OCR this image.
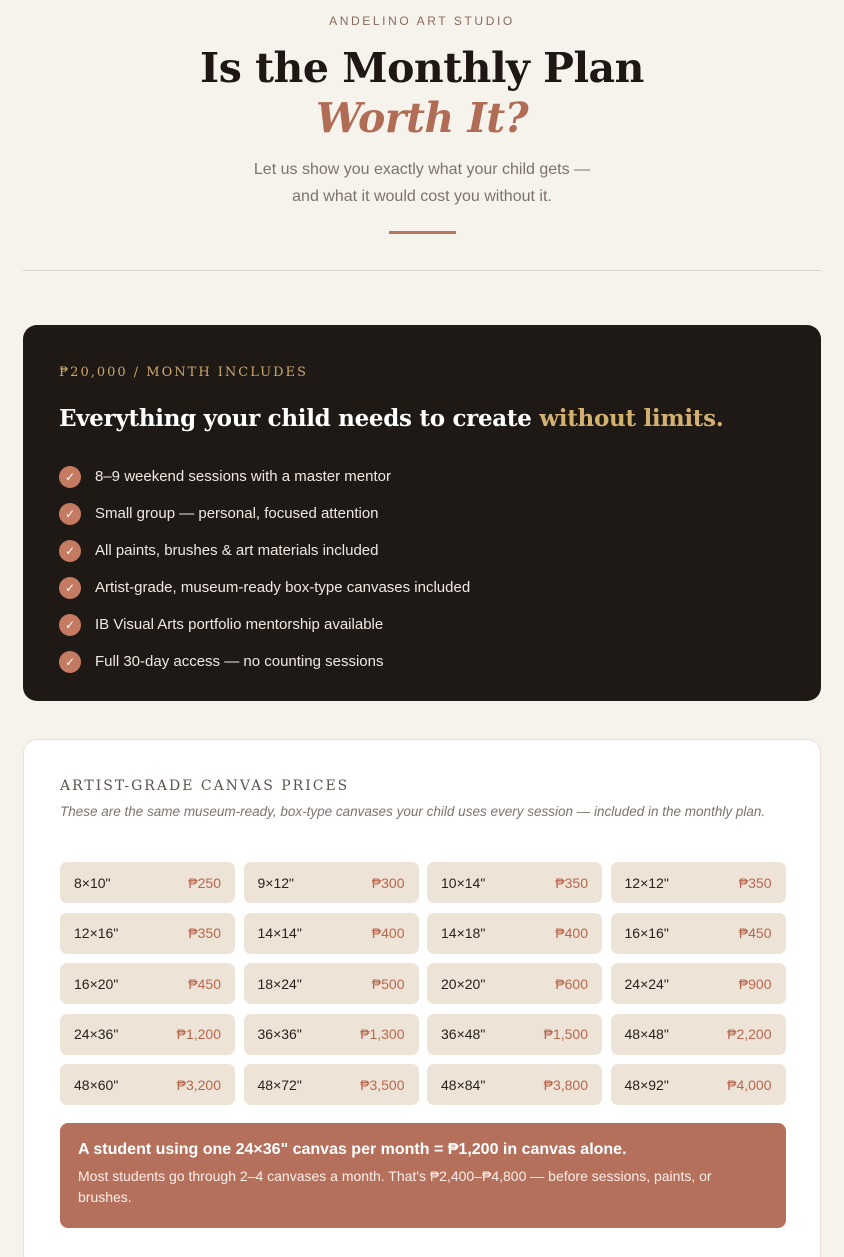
ANDELINO ART STUDIO
Is the Monthly Plan
Worth It?

Let us show you exactly what your child gets —
and what it would cost you without it.

₱20,000 / MONTH INCLUDES
Everything your child needs to create without limits.
✓	8–9 weekend sessions with a master mentor
✓	Small group — personal, focused attention
✓	All paints, brushes & art materials included
✓	Artist-grade, museum-ready box-type canvases included
✓	IB Visual Arts portfolio mentorship available
✓	Full 30-day access — no counting sessions
ARTIST-GRADE CANVAS PRICES

These are the same museum-ready, box-type canvases your child uses every session — included in the monthly plan.

8×10"	₱250	9×12"	₱300	10×14"	₱350	12×12"	₱350
12×16"	₱350	14×14"	₱400	14×18"	₱400	16×16"	₱450
16×20"	₱450	18×24"	₱500	20×20"	₱600	24×24"	₱900
24×36"	₱1,200	36×36"	₱1,300	36×48"	₱1,500	48×48"	₱2,200
48×60"	₱3,200	48×72"	₱3,500	48×84"	₱3,800	48×92"	₱4,000
A student using one 24×36" canvas per month = ₱1,200 in canvas alone.
Most students go through 2–4 canvases a month. That's ₱2,400–₱4,800 — before sessions, paints, or brushes.
